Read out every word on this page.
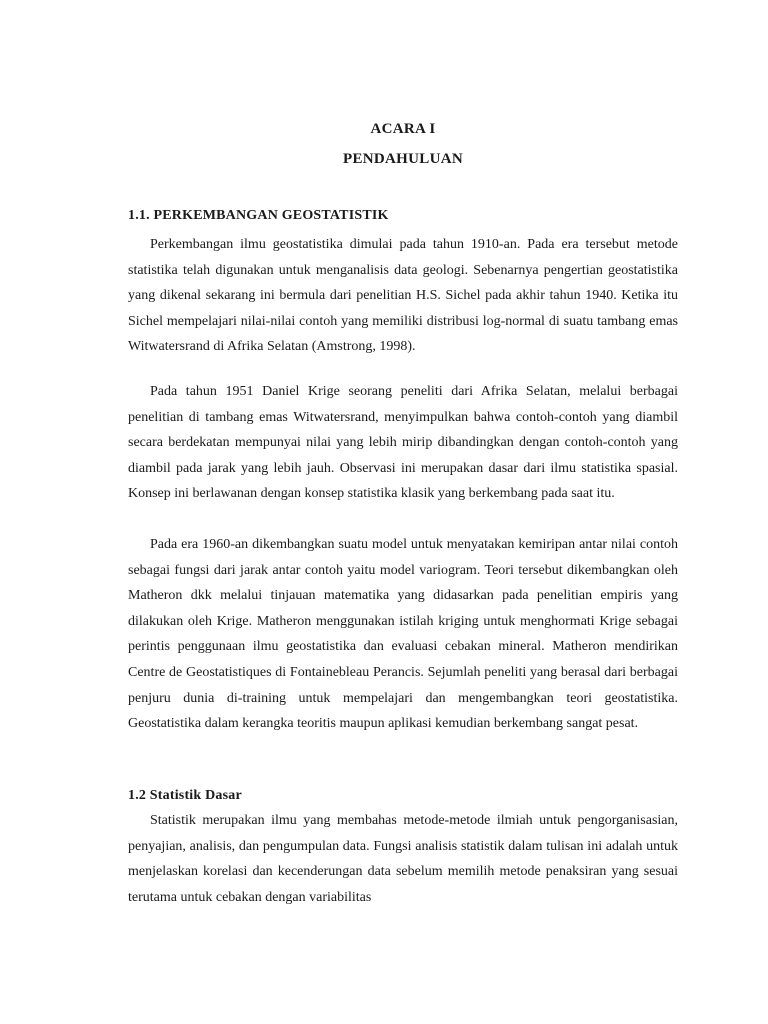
ACARA I
PENDAHULUAN
1.1. PERKEMBANGAN GEOSTATISTIK

Perkembangan ilmu geostatistika dimulai pada tahun 1910-an. Pada era tersebut metode statistika telah digunakan untuk menganalisis data geologi. Sebenarnya pengertian geostatistika yang dikenal sekarang ini bermula dari penelitian H.S. Sichel pada akhir tahun 1940. Ketika itu Sichel mempelajari nilai-nilai contoh yang memiliki distribusi log-normal di suatu tambang emas Witwatersrand di Afrika Selatan (Amstrong, 1998).

Pada tahun 1951 Daniel Krige seorang peneliti dari Afrika Selatan, melalui berbagai penelitian di tambang emas Witwatersrand, menyimpulkan bahwa contoh-contoh yang diambil secara berdekatan mempunyai nilai yang lebih mirip dibandingkan dengan contoh-contoh yang diambil pada jarak yang lebih jauh. Observasi ini merupakan dasar dari ilmu statistika spasial. Konsep ini berlawanan dengan konsep statistika klasik yang berkembang pada saat itu.

Pada era 1960-an dikembangkan suatu model untuk menyatakan kemiripan antar nilai contoh sebagai fungsi dari jarak antar contoh yaitu model variogram. Teori tersebut dikembangkan oleh Matheron dkk melalui tinjauan matematika yang didasarkan pada penelitian empiris yang dilakukan oleh Krige. Matheron menggunakan istilah kriging untuk menghormati Krige sebagai perintis penggunaan ilmu geostatistika dan evaluasi cebakan mineral. Matheron mendirikan Centre de Geostatistiques di Fontainebleau Perancis. Sejumlah peneliti yang berasal dari berbagai penjuru dunia di-training untuk mempelajari dan mengembangkan teori geostatistika. Geostatistika dalam kerangka teoritis maupun aplikasi kemudian berkembang sangat pesat.

1.2 Statistik Dasar

Statistik merupakan ilmu yang membahas metode-metode ilmiah untuk pengorganisasian, penyajian, analisis, dan pengumpulan data. Fungsi analisis statistik dalam tulisan ini adalah untuk menjelaskan korelasi dan kecenderungan data sebelum memilih metode penaksiran yang sesuai terutama untuk cebakan dengan variabilitas
